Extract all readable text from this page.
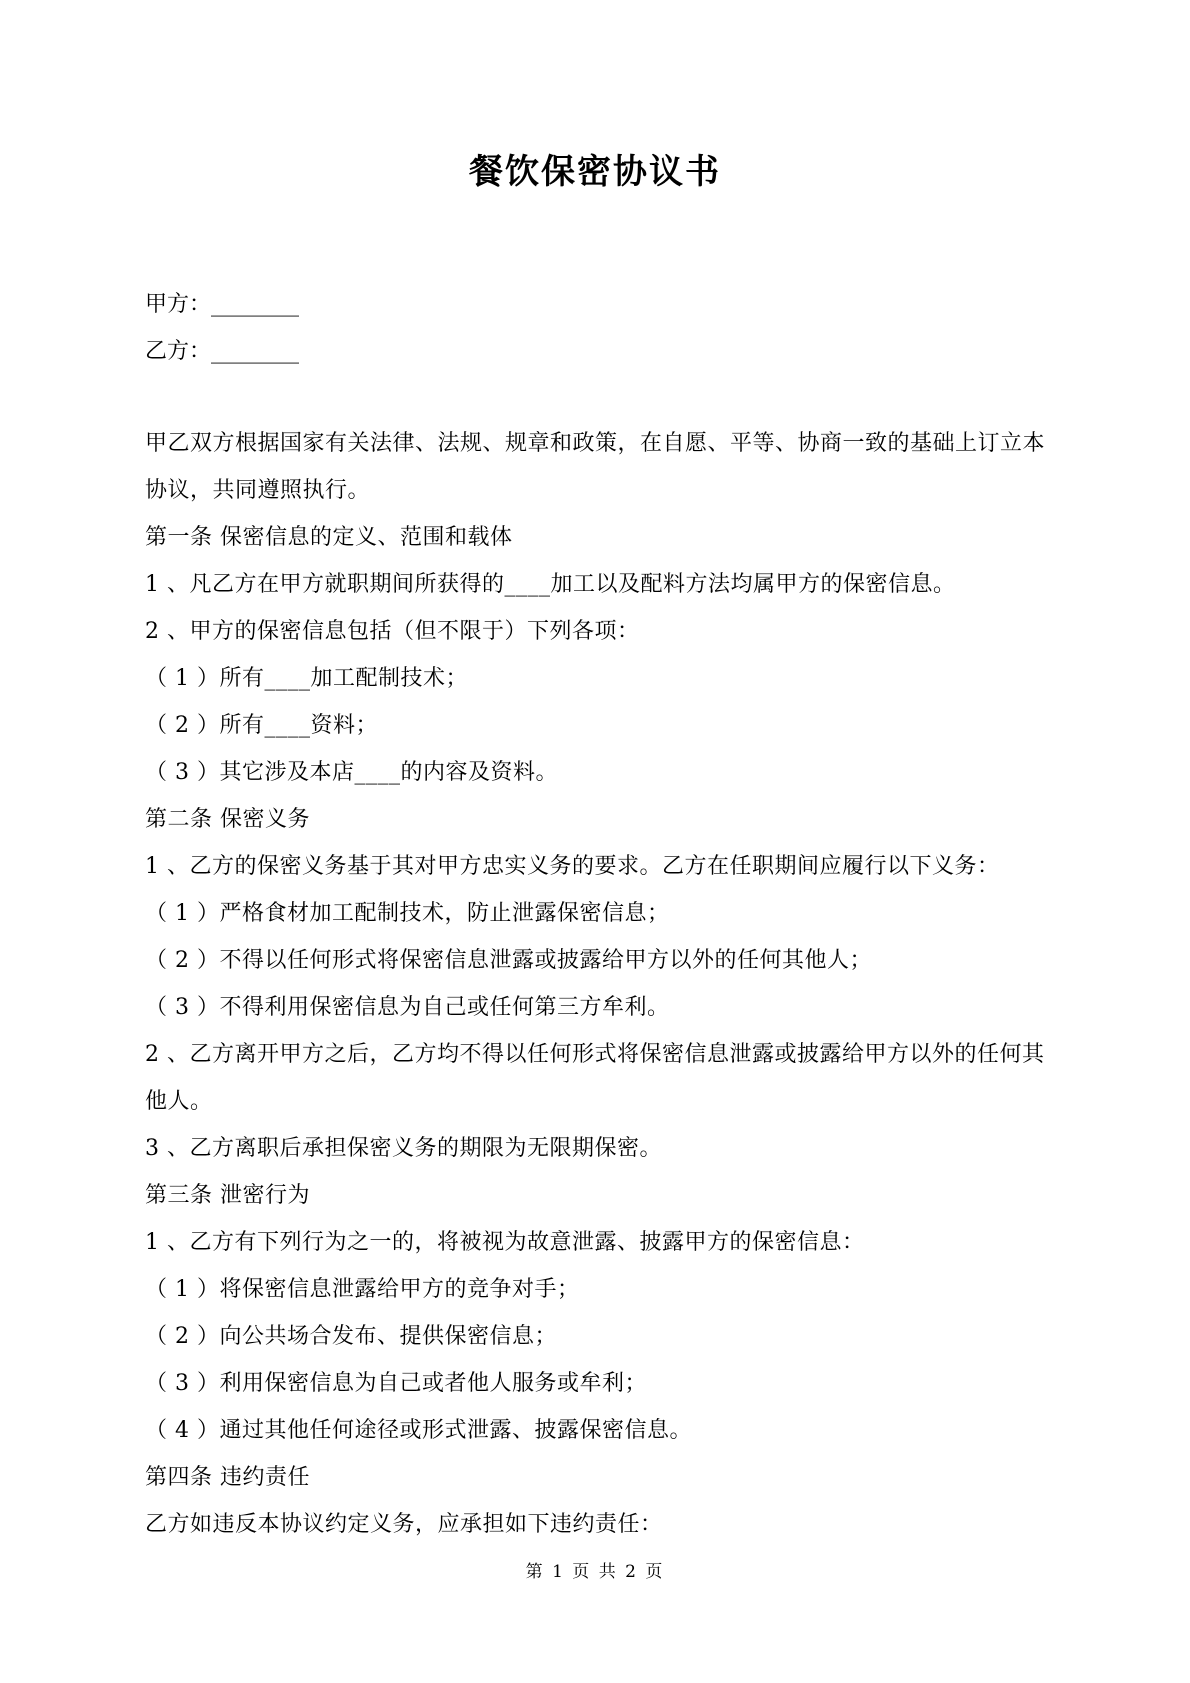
餐饮保密协议书
甲方：________
乙方：________

甲乙双方根据国家有关法律、法规、规章和政策，在自愿、平等、协商一致的基础上订立本协议，共同遵照执行。

第一条 保密信息的定义、范围和载体

1 、凡乙方在甲方就职期间所获得的____加工以及配料方法均属甲方的保密信息。

2 、甲方的保密信息包括（但不限于）下列各项：

（ 1 ）所有____加工配制技术；

（ 2 ）所有____资料；

（ 3 ）其它涉及本店____的内容及资料。

第二条 保密义务

1 、乙方的保密义务基于其对甲方忠实义务的要求。乙方在任职期间应履行以下义务：

（ 1 ）严格食材加工配制技术，防止泄露保密信息；

（ 2 ）不得以任何形式将保密信息泄露或披露给甲方以外的任何其他人；

（ 3 ）不得利用保密信息为自己或任何第三方牟利。

2 、乙方离开甲方之后，乙方均不得以任何形式将保密信息泄露或披露给甲方以外的任何其他人。

3 、乙方离职后承担保密义务的期限为无限期保密。

第三条 泄密行为

1 、乙方有下列行为之一的，将被视为故意泄露、披露甲方的保密信息：

（ 1 ）将保密信息泄露给甲方的竞争对手；

（ 2 ）向公共场合发布、提供保密信息；

（ 3 ）利用保密信息为自己或者他人服务或牟利；

（ 4 ）通过其他任何途径或形式泄露、披露保密信息。

第四条 违约责任

乙方如违反本协议约定义务，应承担如下违约责任：

第 1 页 共 2 页
